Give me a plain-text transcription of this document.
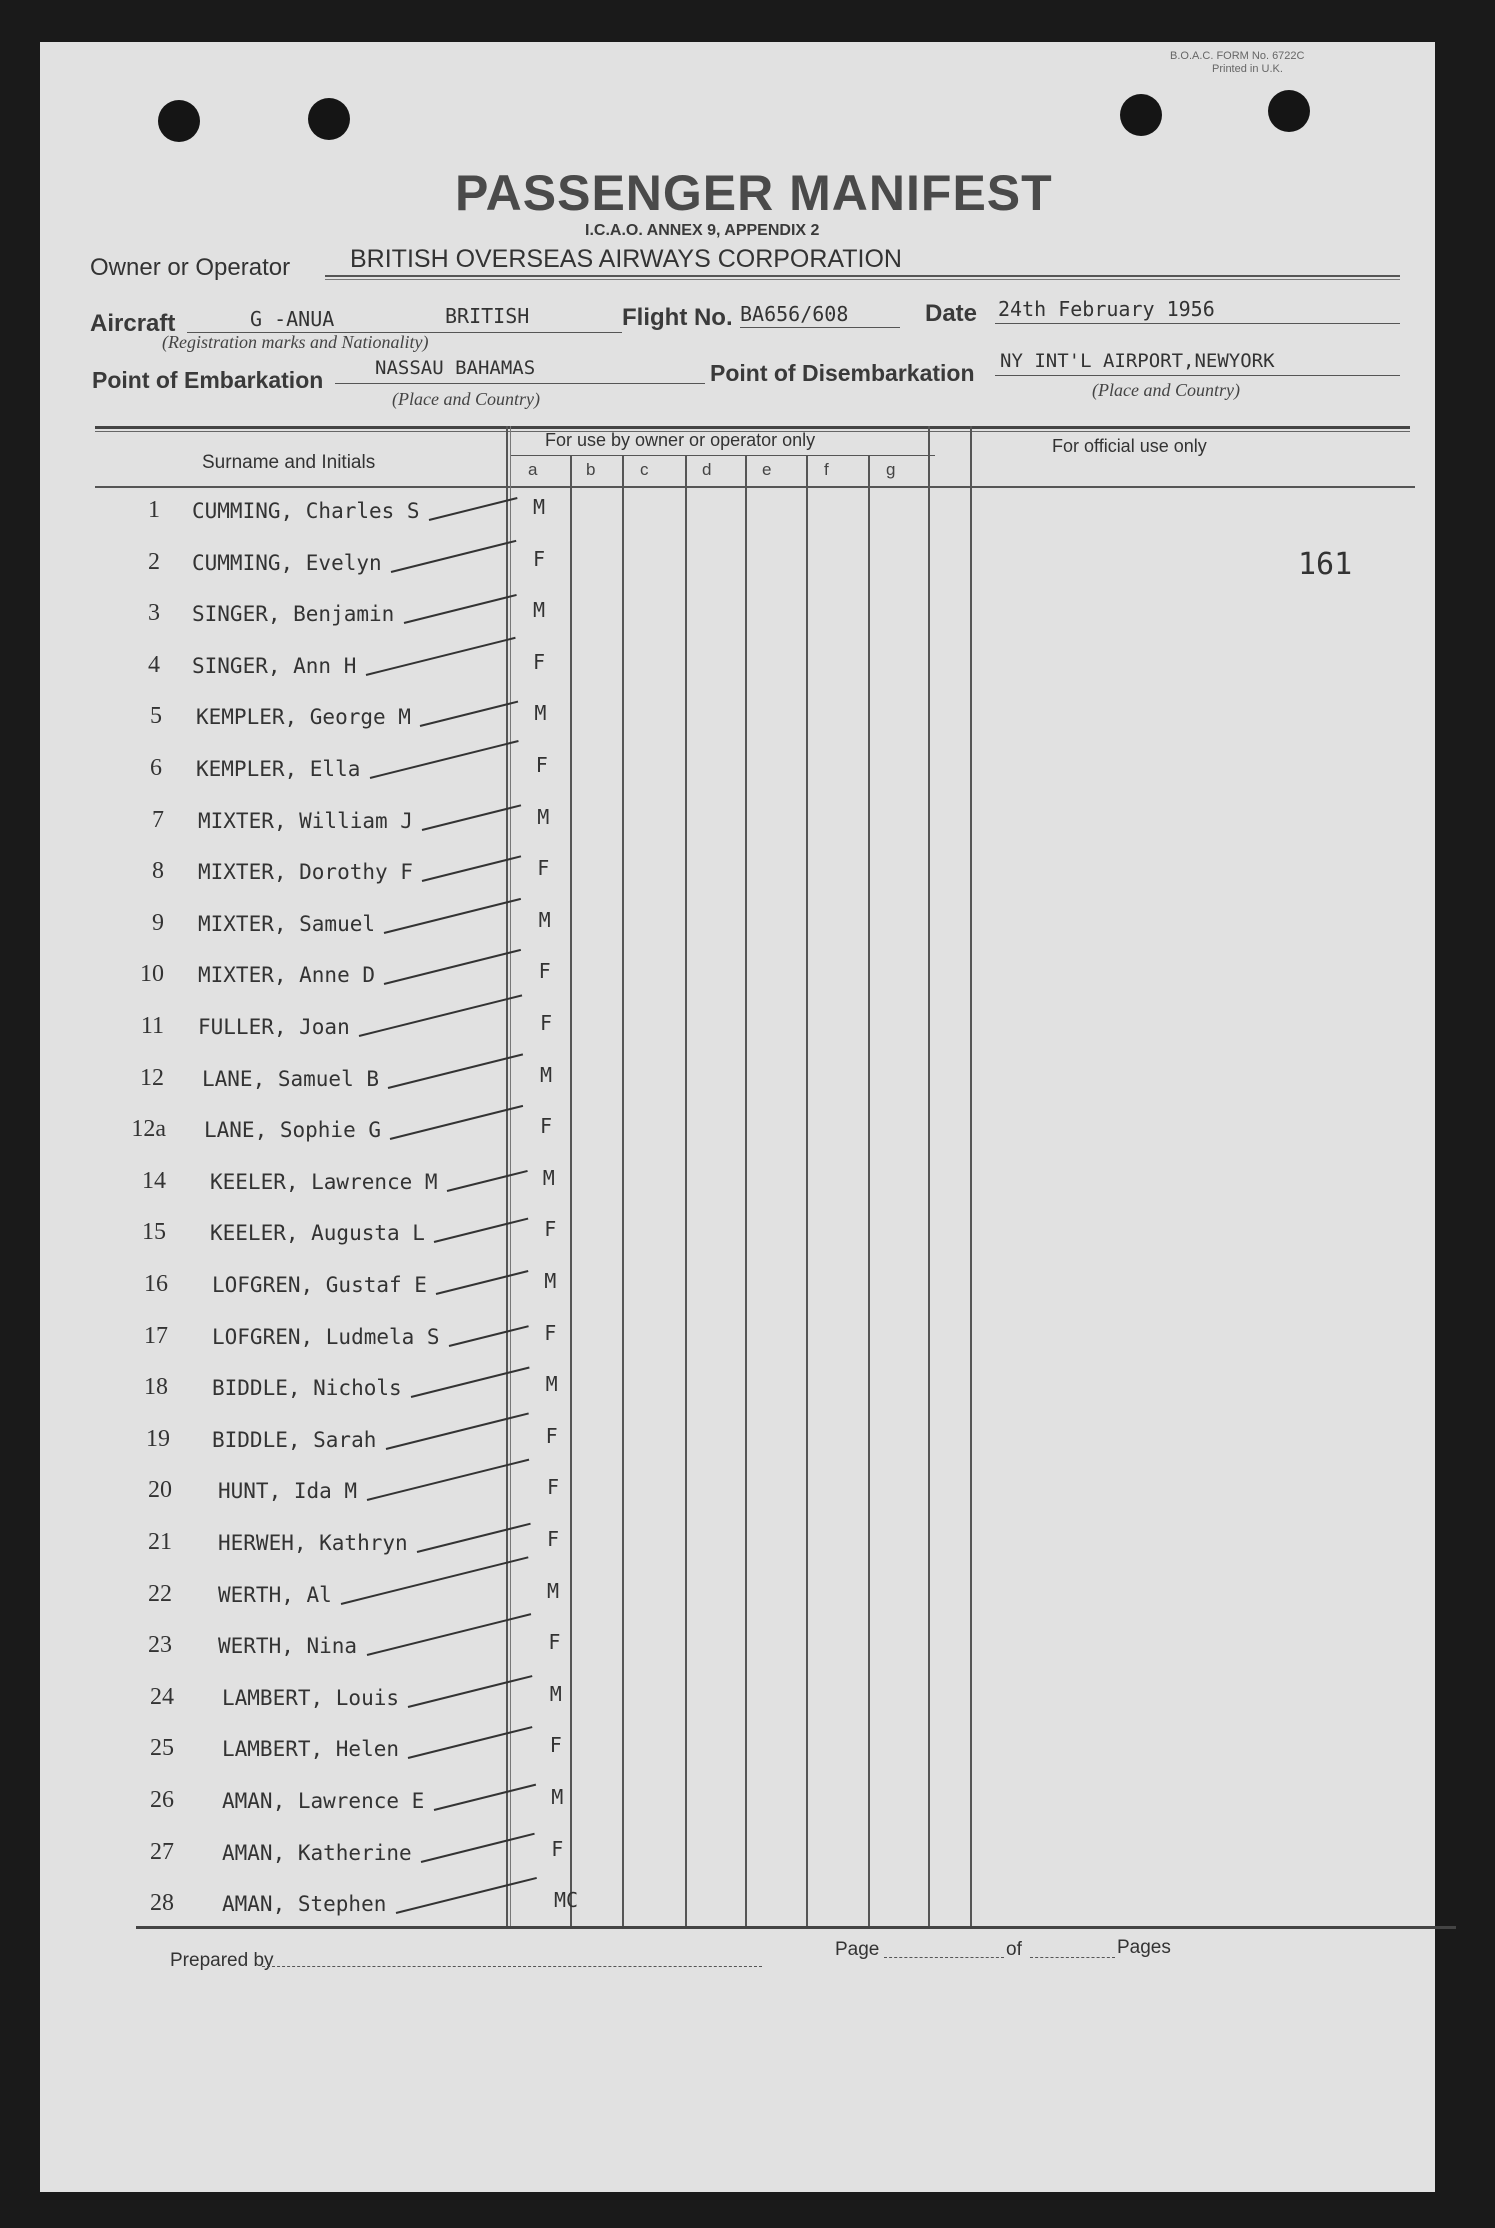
B.O.A.C. FORM No. 6722C
Printed in U.K.
PASSENGER MANIFEST
I.C.A.O. ANNEX 9, APPENDIX 2
Owner or Operator BRITISH OVERSEAS AIRWAYS CORPORATION
Aircraft	G -ANUA	BRITISH
(Registration marks and Nationality)
Flight No. BA656/608	Date 24th February 1956
Point of Embarkation	NASSAU BAHAMAS
(Place and Country)
Point of Disembarkation NY INT'L AIRPORT,NEWYORK
(Place and Country)
Surname and Initials
For use by owner or operator only	For official use only
a	b	c	d	e	f	g
161
1 CUMMING, Charles S	M
2 CUMMING, Evelyn	F
3 SINGER, Benjamin	M
4 SINGER, Ann H	F
5 KEMPLER, George M	M
6 KEMPLER, Ella	F
7 MIXTER, William J	M
8 MIXTER, Dorothy F	F
9 MIXTER, Samuel	M
10 MIXTER, Anne D	F
11 FULLER, Joan	F
12 LANE, Samuel B	M
12a LANE, Sophie G	F
14 KEELER, Lawrence M	M
15 KEELER, Augusta L	F
16 LOFGREN, Gustaf E	M
17 LOFGREN, Ludmela S	F
18 BIDDLE, Nichols	M
19 BIDDLE, Sarah	F
20 HUNT, Ida M	F
21 HERWEH, Kathryn	F
22 WERTH, Al	M
23 WERTH, Nina	F
24 LAMBERT, Louis	M
25 LAMBERT, Helen	F
26 AMAN, Lawrence E	M
27 AMAN, Katherine	F
28 AMAN, Stephen	MC
Prepared by
Page	of	Pages
